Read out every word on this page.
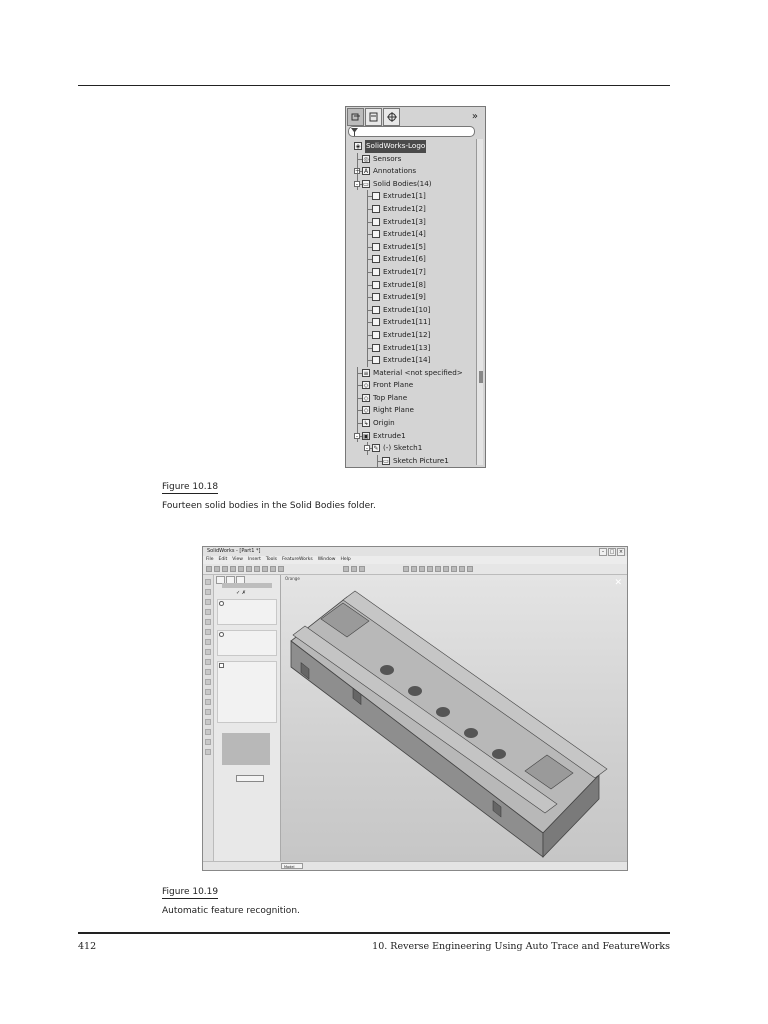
»
◈ SolidWorks-Logo
◎ Sensors
+ A Annotations
- ▭ Solid Bodies(14)
Extrude1[1]
Extrude1[2]
Extrude1[3]
Extrude1[4]
Extrude1[5]
Extrude1[6]
Extrude1[7]
Extrude1[8]
Extrude1[9]
Extrude1[10]
Extrude1[11]
Extrude1[12]
Extrude1[13]
Extrude1[14]
≡ Material <not specified>
◇ Front Plane
◇ Top Plane
◇ Right Plane
↳ Origin
- ▣ Extrude1
- ✎ (-) Sketch1
▭ Sketch Picture1
Figure 10.18
Fourteen solid bodies in the Solid Bodies folder.
SolidWorks - [Part1 *]	–	□ ×
File Edit View Insert Tools FeatureWorks Window Help
✓ ✗
Orange	✕
Model
Figure 10.19
Automatic feature recognition.
412	10. Reverse Engineering Using Auto Trace and FeatureWorks
